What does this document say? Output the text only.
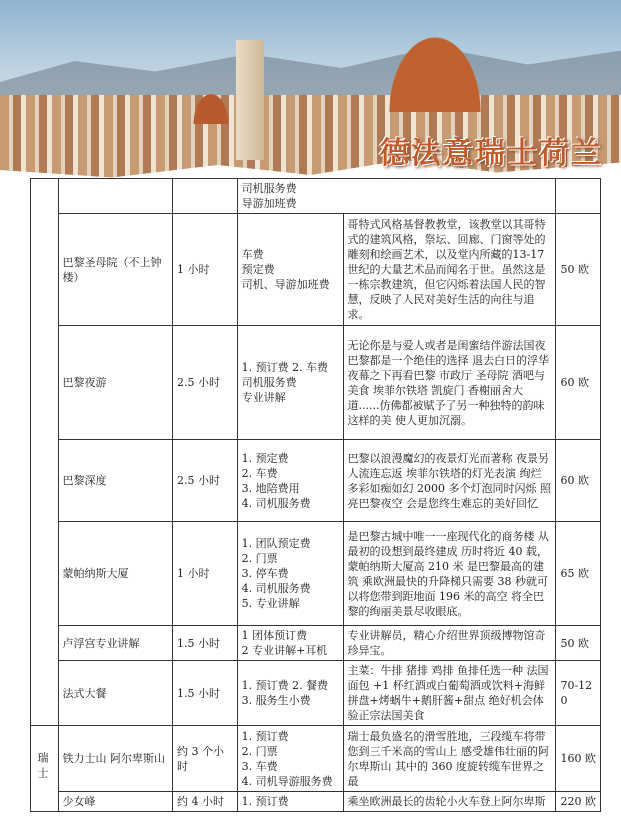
德法意瑞士荷兰

			司机服务费
导游加班费		

	巴黎圣母院（不上钟楼）	1 小时	车费
预定费
司机、导游加班费	哥特式风格基督教教堂，该教堂以其哥特式的建筑风格，祭坛、回廊、门窗等处的雕刻和绘画艺术，以及堂内所藏的13-17 世纪的大量艺术品而闻名于世。虽然这是一栋宗教建筑，但它闪烁着法国人民的智慧，反映了人民对美好生活的向往与追求。	50 欧
	巴黎夜游	2.5 小时	1. 预订费 2. 车费
司机服务费
专业讲解	无论你是与爱人或者是闺蜜结伴游法国夜巴黎都是一个绝佳的选择 退去白日的浮华 夜幕之下再看巴黎 市政厅 圣母院 酒吧与美食 埃菲尔铁塔 凯旋门 香榭丽舍大道......仿佛都被赋予了另一种独特的韵味 这样的美 使人更加沉溺。	60 欧
	巴黎深度	2.5 小时	1. 预定费
2. 车费
3. 地陪费用
4. 司机服务费	巴黎以浪漫魔幻的夜景灯光而著称 夜景另人流连忘返 埃菲尔铁塔的灯光表演 绚烂多彩如痴如幻 2000 多个灯泡同时闪烁 照亮巴黎夜空 会是您终生难忘的美好回忆	60 欧
	蒙帕纳斯大厦	1 小时	1. 团队预定费
2. 门票
3. 停车费
4. 司机服务费
5. 专业讲解	是巴黎古城中唯一一座现代化的商务楼 从最初的设想到最终建成 历时将近 40 载，蒙帕纳斯大厦高 210 米 是巴黎最高的建筑 乘欧洲最快的升降梯只需要 38 秒就可以将您带到距地面 196 米的高空 将全巴黎的绚丽美景尽收眼底。	65 欧
	卢浮宫专业讲解	1.5 小时	1 团体预订费
2 专业讲解+耳机	专业讲解员，精心介绍世界顶级博物馆奇珍异宝。	50 欧
	法式大餐	1.5 小时	1. 预订费 2. 餐费
3. 服务生小费	主菜：牛排 猪排 鸡排 鱼排任选一种 法国面包 +1 杯红酒或白葡萄酒或饮料+海鲜拼盘+烤蜗牛+鹅肝酱+甜点 绝好机会体验正宗法国美食	70-120
瑞士	铁力士山 阿尔卑斯山	约 3 个小时	1. 预订费
2. 门票
3. 车费
4. 司机导游服务费	瑞士最负盛名的滑雪胜地，三段缆车将带您到三千米高的雪山上 感受雄伟壮丽的阿尔卑斯山 其中的 360 度旋转缆车世界之最	160 欧
	少女峰	约 4 小时	1. 预订费	乘坐欧洲最长的齿轮小火车登上阿尔卑斯	220 欧
